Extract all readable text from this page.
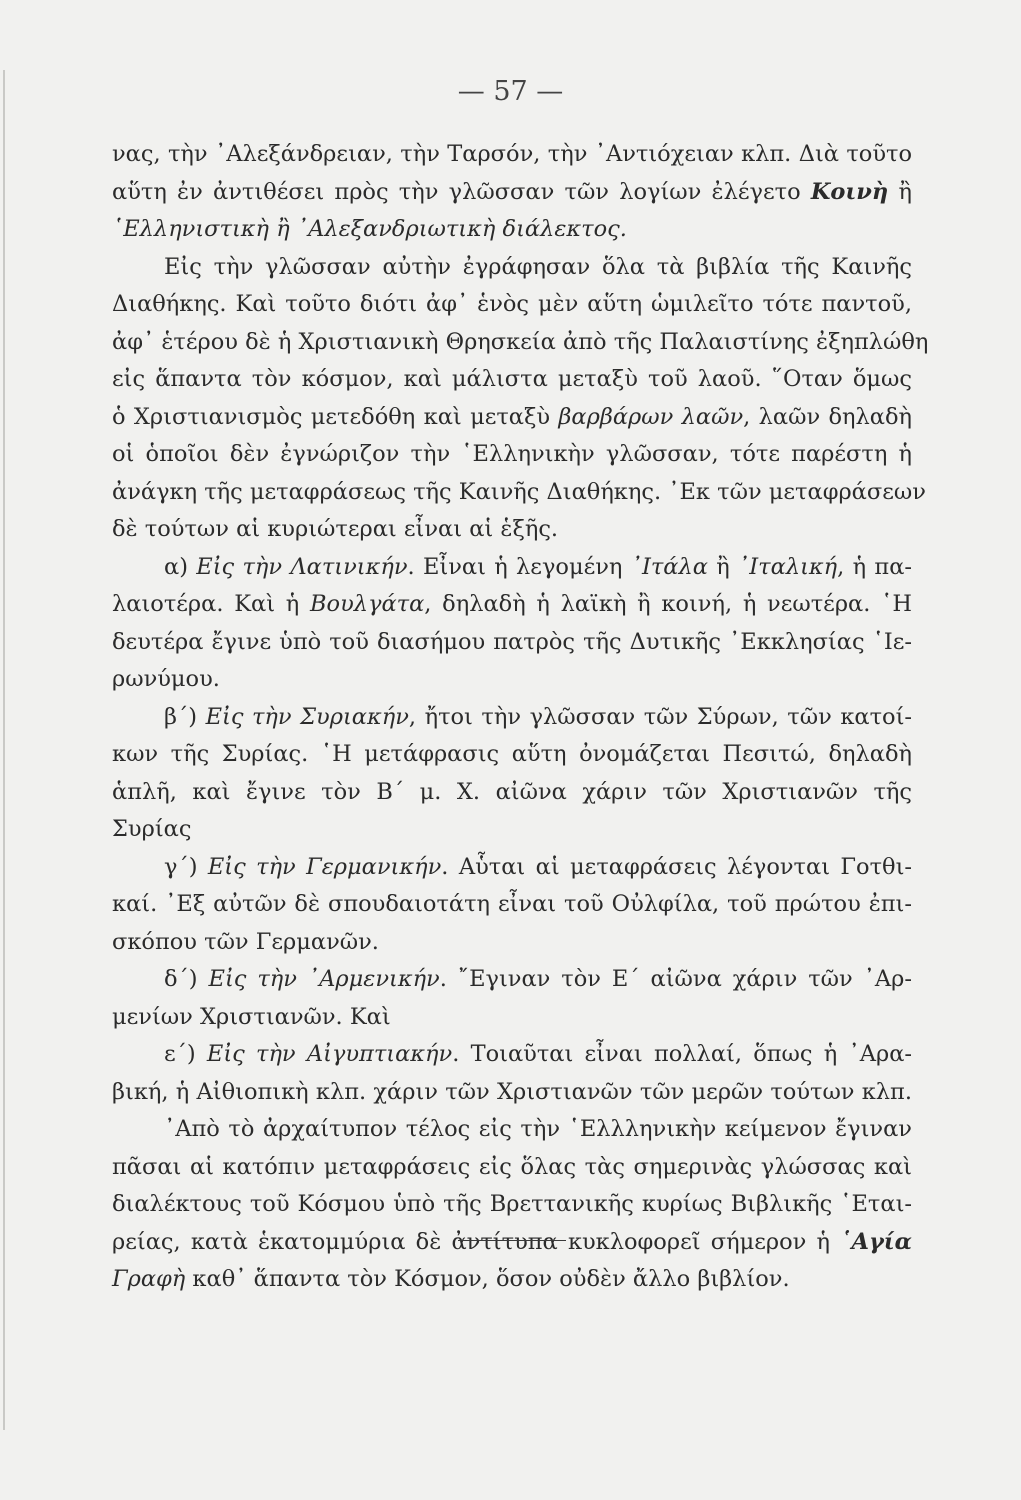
— 57 —
νας, τὴν ᾿Αλεξάνδρειαν, τὴν Ταρσόν, τὴν ᾿Αντιόχειαν κλπ. Διὰ τοῦτο
αὕτη ἐν ἀντιθέσει πρὸς τὴν γλῶσσαν τῶν λογίων ἐλέγετο Κοινὴ ἢ
῾Ελληνιστικὴ ἢ ᾿Αλεξανδριωτικὴ διάλεκτος.
Εἰς τὴν γλῶσσαν αὐτὴν ἐγράφησαν ὅλα τὰ βιβλία τῆς Καινῆς
Διαθήκης. Καὶ τοῦτο διότι ἀφ᾿ ἑνὸς μὲν αὕτη ὡμιλεῖτο τότε παντοῦ,
ἀφ᾿ ἑτέρου δὲ ἡ Χριστιανικὴ Θρησκεία ἀπὸ τῆς Παλαιστίνης ἐξηπλώθη
εἰς ἅπαντα τὸν κόσμον, καὶ μάλιστα μεταξὺ τοῦ λαοῦ. ῞Οταν ὅμως
ὁ Χριστιανισμὸς μετεδόθη καὶ μεταξὺ βαρβάρων λαῶν, λαῶν δηλαδὴ
οἱ ὁποῖοι δὲν ἐγνώριζον τὴν ῾Ελληνικὴν γλῶσσαν, τότε παρέστη ἡ
ἀνάγκη τῆς μεταφράσεως τῆς Καινῆς Διαθήκης. ᾿Εκ τῶν μεταφράσεων
δὲ τούτων αἱ κυριώτεραι εἶναι αἱ ἑξῆς.
α) Εἰς τὴν Λατινικήν. Εἶναι ἡ λεγομένη ᾿Ιτάλα ἢ ᾿Ιταλική, ἡ πα-
λαιοτέρα. Καὶ ἡ Βουλγάτα, δηλαδὴ ἡ λαϊκὴ ἢ κοινή, ἡ νεωτέρα. ῾Η
δευτέρα ἔγινε ὑπὸ τοῦ διασήμου πατρὸς τῆς Δυτικῆς ᾿Εκκλησίας ῾Ιε-
ρωνύμου.
β΄) Εἰς τὴν Συριακήν, ἤτοι τὴν γλῶσσαν τῶν Σύρων, τῶν κατοί-
κων τῆς Συρίας. ῾Η μετάφρασις αὕτη ὀνομάζεται Πεσιτώ, δηλαδὴ
ἁπλῆ, καὶ ἔγινε τὸν Β΄ μ. Χ. αἰῶνα χάριν τῶν Χριστιανῶν τῆς
Συρίας
γ΄) Εἰς τὴν Γερμανικήν. Αὗται αἱ μεταφράσεις λέγονται Γοτθι-
καί. ᾿Εξ αὐτῶν δὲ σπουδαιοτάτη εἶναι τοῦ Οὐλφίλα, τοῦ πρώτου ἐπι-
σκόπου τῶν Γερμανῶν.
δ΄) Εἰς τὴν ᾿Αρμενικήν. ῎Εγιναν τὸν Ε΄ αἰῶνα χάριν τῶν ᾿Αρ-
μενίων Χριστιανῶν. Καὶ
ε΄) Εἰς τὴν Αἰγυπτιακήν. Τοιαῦται εἶναι πολλαί, ὅπως ἡ ᾿Αρα-
βική, ἡ Αἰθιοπικὴ κλπ. χάριν τῶν Χριστιανῶν τῶν μερῶν τούτων κλπ.
᾿Απὸ τὸ ἀρχαίτυπον τέλος εἰς τὴν ῾Ελλληνικὴν κείμενον ἔγιναν
πᾶσαι αἱ κατόπιν μεταφράσεις εἰς ὅλας τὰς σημερινὰς γλώσσας καὶ
διαλέκτους τοῦ Κόσμου ὑπὸ τῆς Βρεττανικῆς κυρίως Βιβλικῆς ῾Εται-
ρείας, κατὰ ἑκατομμύρια δὲ ἀντίτυπα κυκλοφορεῖ σήμερον ἡ ῾Αγία
Γραφὴ καθ᾿ ἅπαντα τὸν Κόσμον, ὅσον οὐδὲν ἄλλο βιβλίον.
